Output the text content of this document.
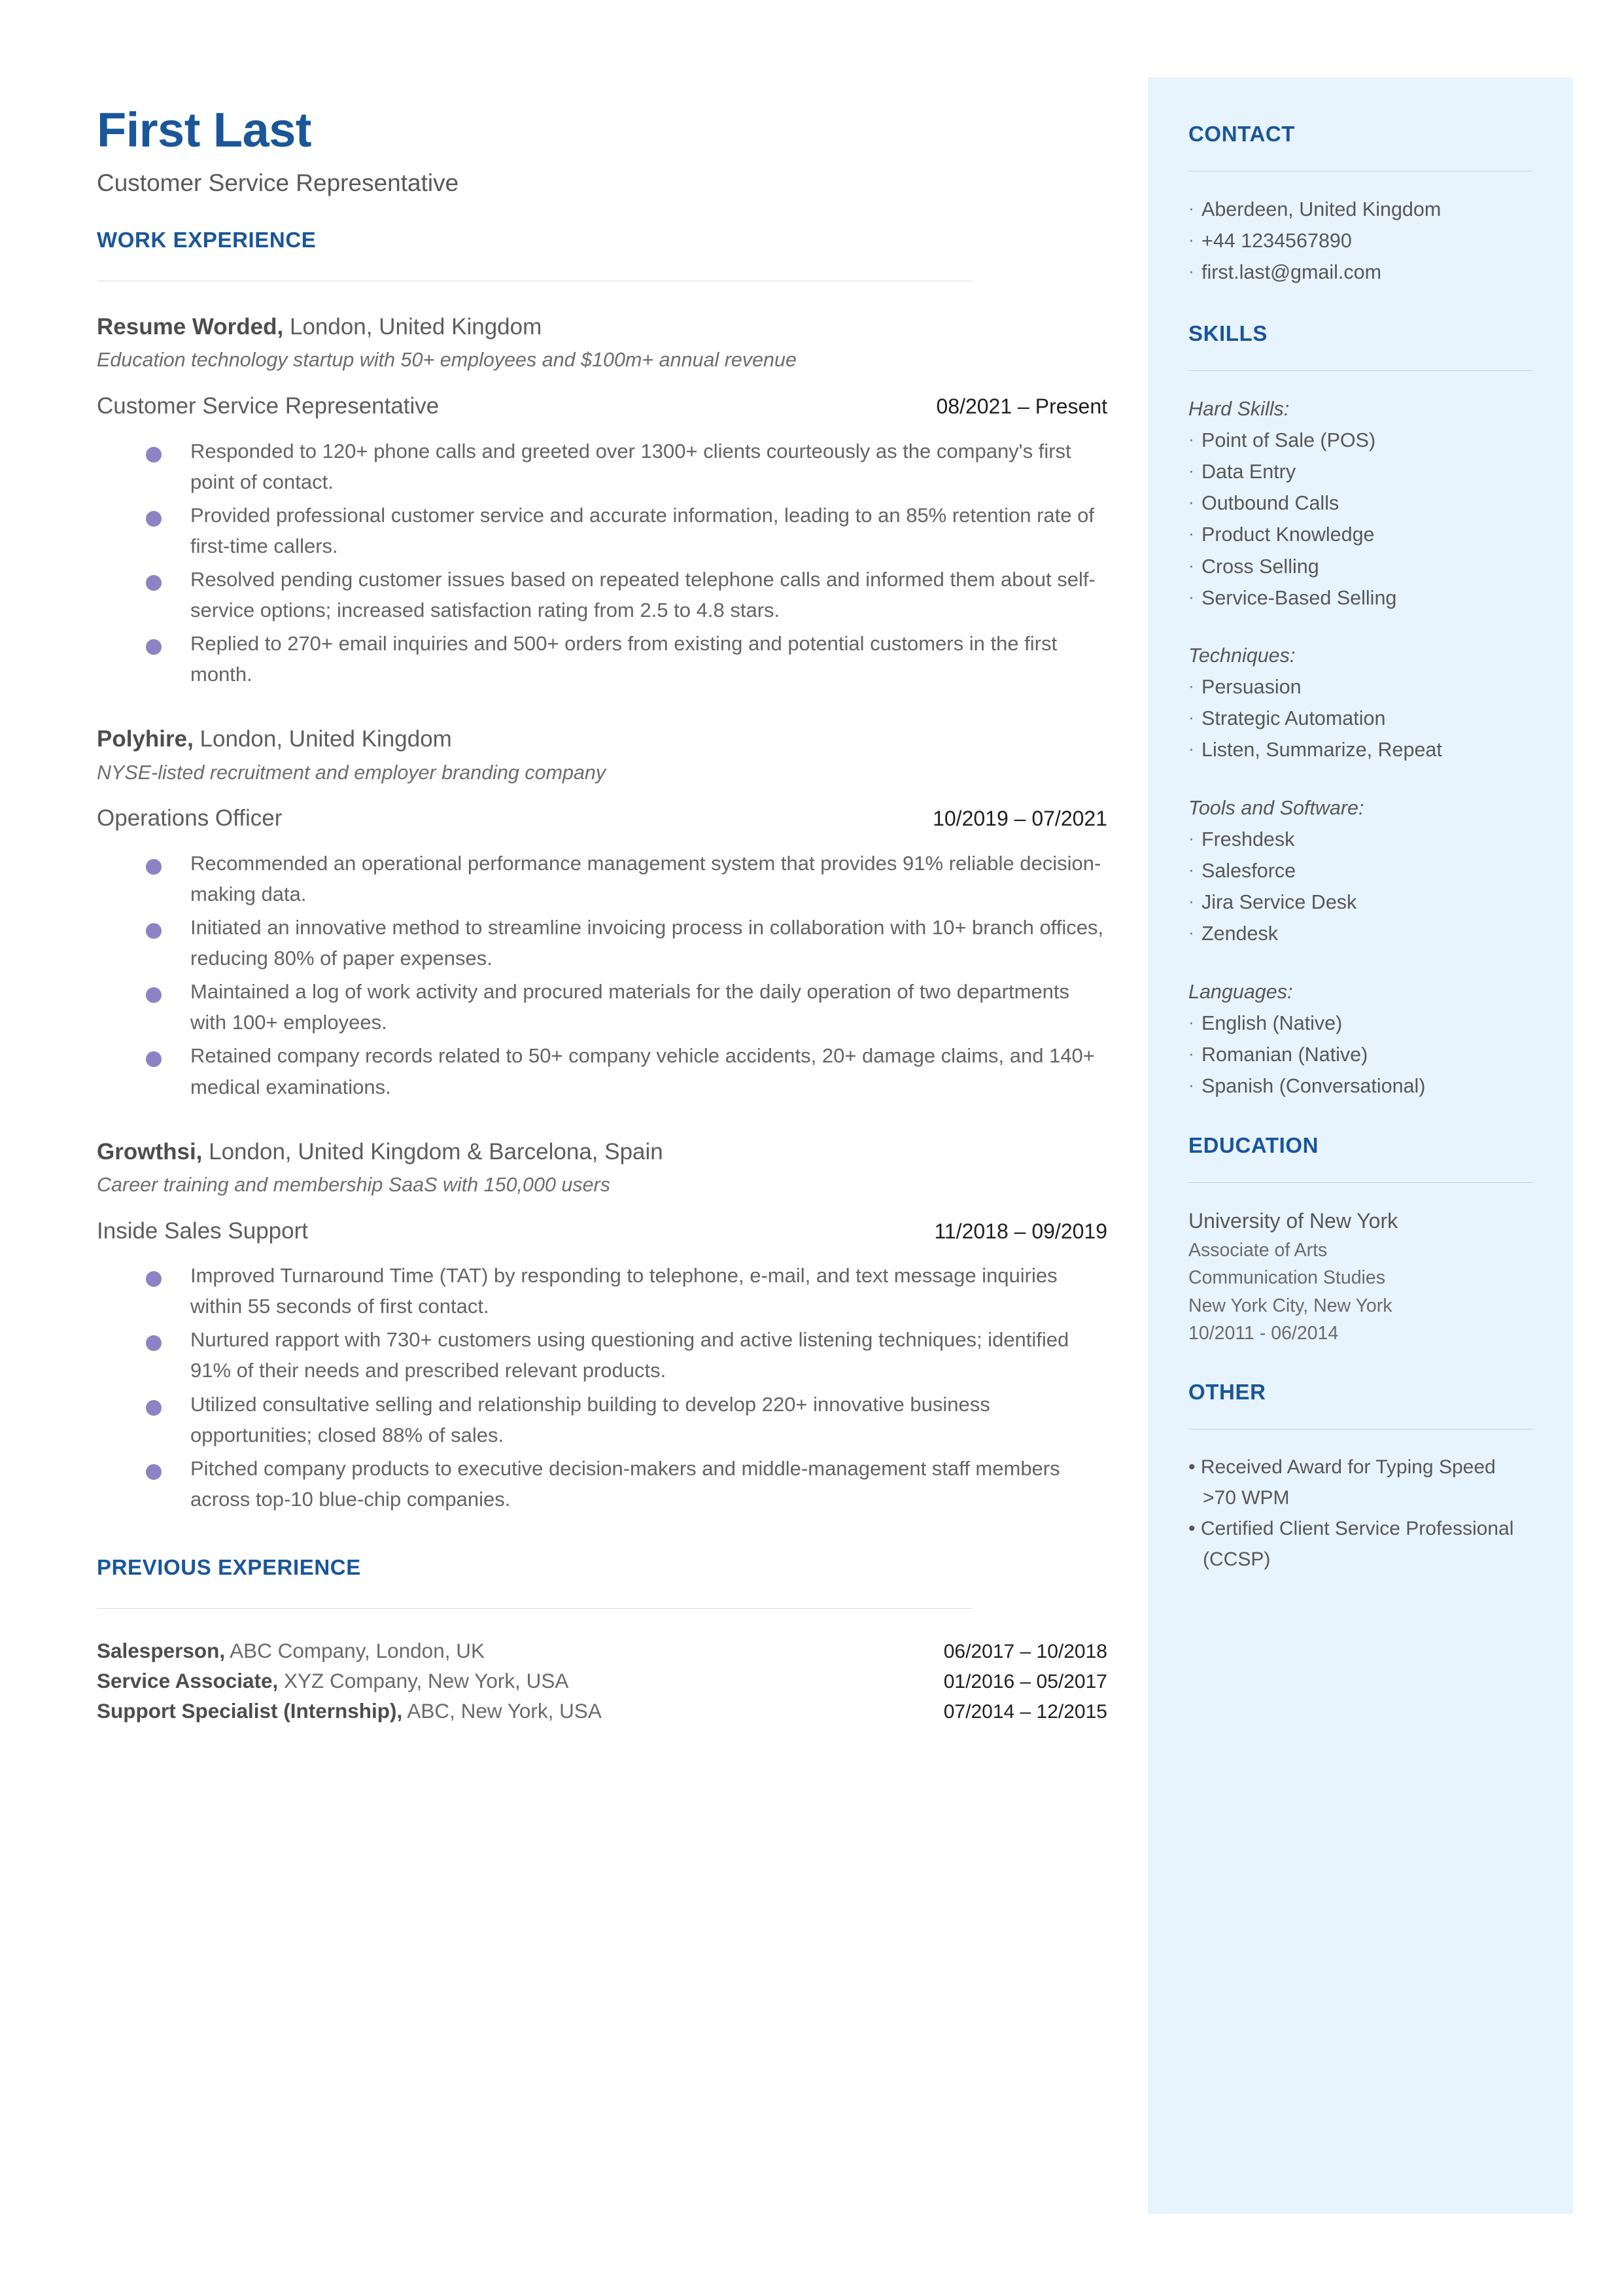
CONTACT
· Aberdeen, United Kingdom
· +44 1234567890
· first.last@gmail.com
SKILLS
Hard Skills:
· Point of Sale (POS)
· Data Entry
· Outbound Calls
· Product Knowledge
· Cross Selling
· Service-Based Selling
Techniques:
· Persuasion
· Strategic Automation
· Listen, Summarize, Repeat
Tools and Software:
· Freshdesk
· Salesforce
· Jira Service Desk
· Zendesk
Languages:
· English (Native)
· Romanian (Native)
· Spanish (Conversational)
EDUCATION
University of New York
Associate of Arts
Communication Studies
New York City, New York
10/2011 - 06/2014
OTHER
• Received Award for Typing Speed >70 WPM
• Certified Client Service Professional (CCSP)
First Last
Customer Service Representative
WORK EXPERIENCE
Resume Worded, London, United Kingdom
Education technology startup with 50+ employees and $100m+ annual revenue
Customer Service Representative	08/2021 – Present
Responded to 120+ phone calls and greeted over 1300+ clients courteously as the company's first point of contact.
Provided professional customer service and accurate information, leading to an 85% retention rate of first-time callers.
Resolved pending customer issues based on repeated telephone calls and informed them about self-service options; increased satisfaction rating from 2.5 to 4.8 stars.
Replied to 270+ email inquiries and 500+ orders from existing and potential customers in the first month.
Polyhire, London, United Kingdom
NYSE-listed recruitment and employer branding company
Operations Officer	10/2019 – 07/2021
Recommended an operational performance management system that provides 91% reliable decision-making data.
Initiated an innovative method to streamline invoicing process in collaboration with 10+ branch offices, reducing 80% of paper expenses.
Maintained a log of work activity and procured materials for the daily operation of two departments with 100+ employees.
Retained company records related to 50+ company vehicle accidents, 20+ damage claims, and 140+ medical examinations.
Growthsi, London, United Kingdom & Barcelona, Spain
Career training and membership SaaS with 150,000 users
Inside Sales Support	11/2018 – 09/2019
Improved Turnaround Time (TAT) by responding to telephone, e-mail, and text message inquiries within 55 seconds of first contact.
Nurtured rapport with 730+ customers using questioning and active listening techniques; identified 91% of their needs and prescribed relevant products.
Utilized consultative selling and relationship building to develop 220+ innovative business opportunities; closed 88% of sales.
Pitched company products to executive decision-makers and middle-management staff members across top-10 blue-chip companies.
PREVIOUS EXPERIENCE
Salesperson, ABC Company, London, UK	06/2017 – 10/2018
Service Associate, XYZ Company, New York, USA	01/2016 – 05/2017
Support Specialist (Internship), ABC, New York, USA	07/2014 – 12/2015
